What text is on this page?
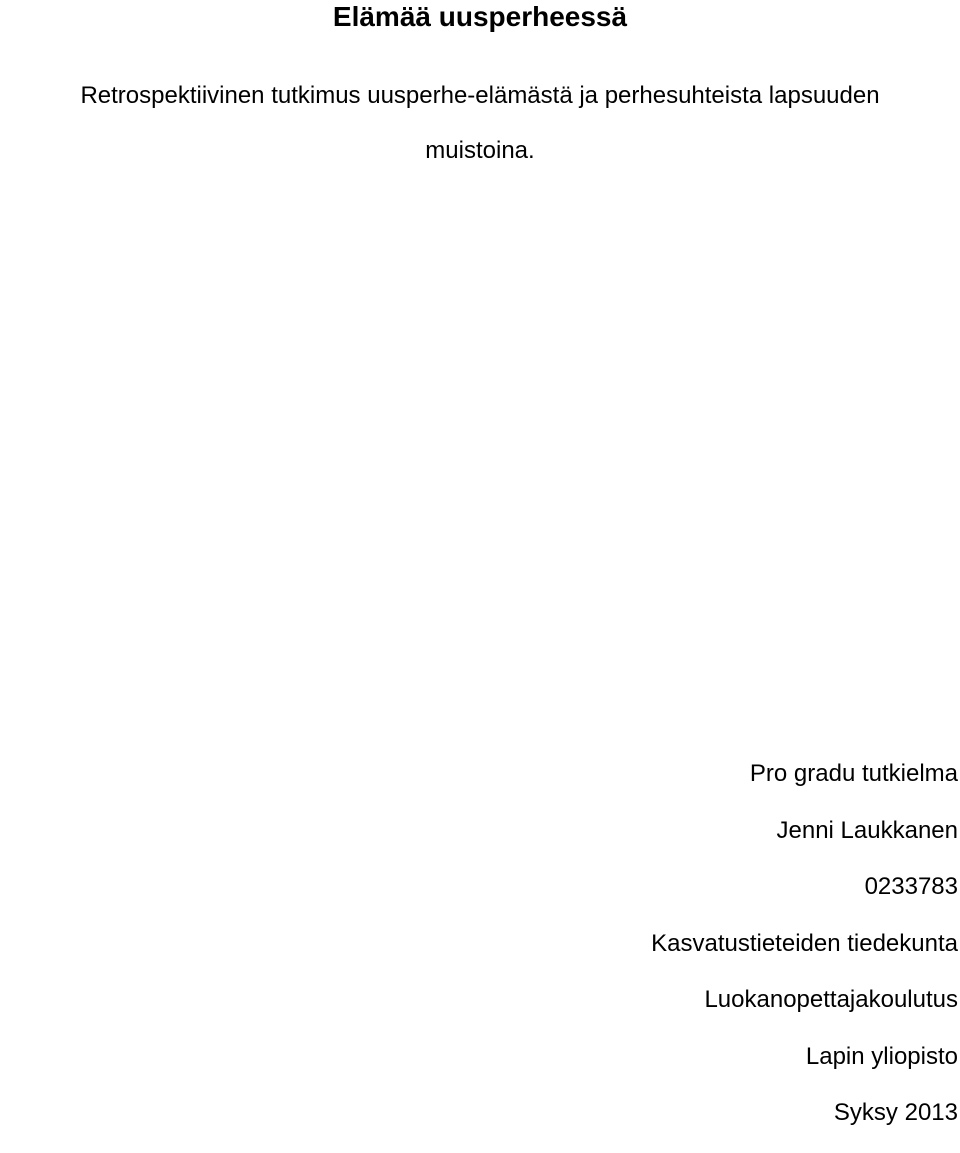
Elämää uusperheessä
Retrospektiivinen tutkimus uusperhe-elämästä ja perhesuhteista lapsuuden
muistoina.
Pro gradu tutkielma
Jenni Laukkanen
0233783
Kasvatustieteiden tiedekunta
Luokanopettajakoulutus
Lapin yliopisto
Syksy 2013
